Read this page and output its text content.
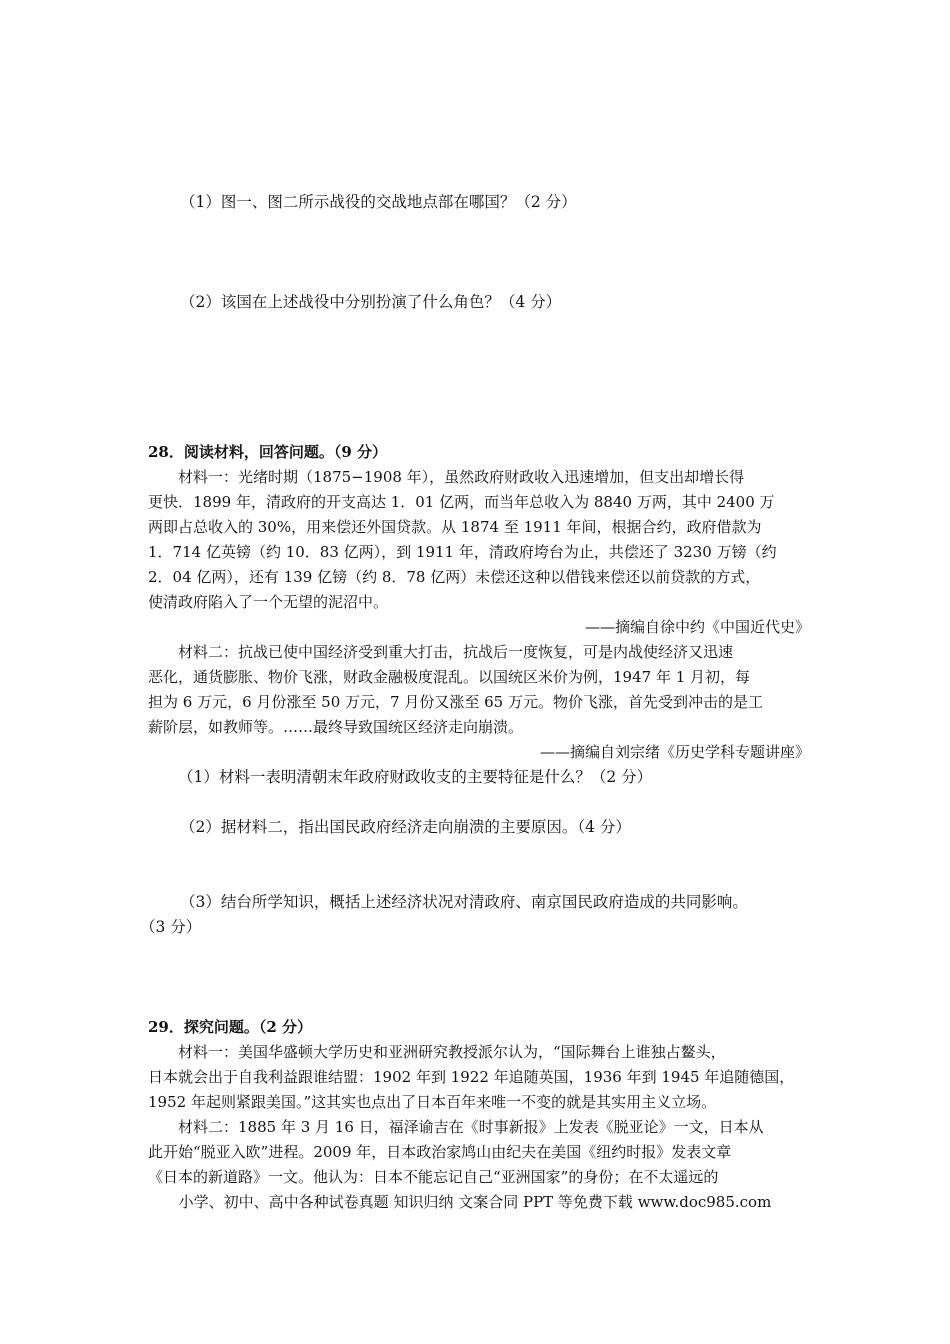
（1）图一、图二所示战役的交战地点部在哪国？（2 分）
（2）该国在上述战役中分别扮演了什么角色？（4 分）
28．阅读材料，回答问题。（9 分）
材料一：光绪时期（1875−1908 年），虽然政府财政收入迅速增加，但支出却增长得
更快．1899 年，清政府的开支高达 1．01 亿两，而当年总收入为 8840 万两，其中 2400 万
两即占总收入的 30%，用来偿还外国贷款。从 1874 至 1911 年间，根据合约，政府借款为
1．714 亿英镑（约 10．83 亿两），到 1911 年，清政府垮台为止，共偿还了 3230 万镑（约
2．04 亿两），还有 139 亿镑（约 8．78 亿两）未偿还这种以借钱来偿还以前贷款的方式，
使清政府陷入了一个无望的泥沼中。
——摘编自徐中约《中国近代史》
材料二：抗战已使中国经济受到重大打击，抗战后一度恢复，可是内战使经济又迅速
恶化，通货膨胀、物价飞涨，财政金融极度混乱。以国统区米价为例，1947 年 1 月初，每
担为 6 万元，6 月份涨至 50 万元，7 月份又涨至 65 万元。物价飞涨，首先受到冲击的是工
薪阶层，如教师等。……最终导致国统区经济走向崩溃。
——摘编自刘宗绪《历史学科专题讲座》
（1）材料一表明清朝末年政府财政收支的主要特征是什么？（2 分）
（2）据材料二，指出国民政府经济走向崩溃的主要原因。（4 分）
（3）结台所学知识，概括上述经济状况对清政府、南京国民政府造成的共同影响。
（3 分）
29．探究问题。（2 分）
材料一：美国华盛顿大学历史和亚洲研究教授派尔认为，“国际舞台上谁独占鳌头，
日本就会出于自我利益跟谁结盟：1902 年到 1922 年追随英国，1936 年到 1945 年追随德国，
1952 年起则紧跟美国。”这其实也点出了日本百年来唯一不变的就是其实用主义立场。
材料二：1885 年 3 月 16 日，福泽谕吉在《时事新报》上发表《脱亚论》一文，日本从
此开始“脱亚入欧”进程。2009 年，日本政治家鸠山由纪夫在美国《纽约时报》发表文章
《日本的新道路》一文。他认为：日本不能忘记自己“亚洲国家”的身份；在不太遥远的
小学、初中、高中各种试卷真题 知识归纳 文案合同 PPT 等免费下载 www.doc985.com
